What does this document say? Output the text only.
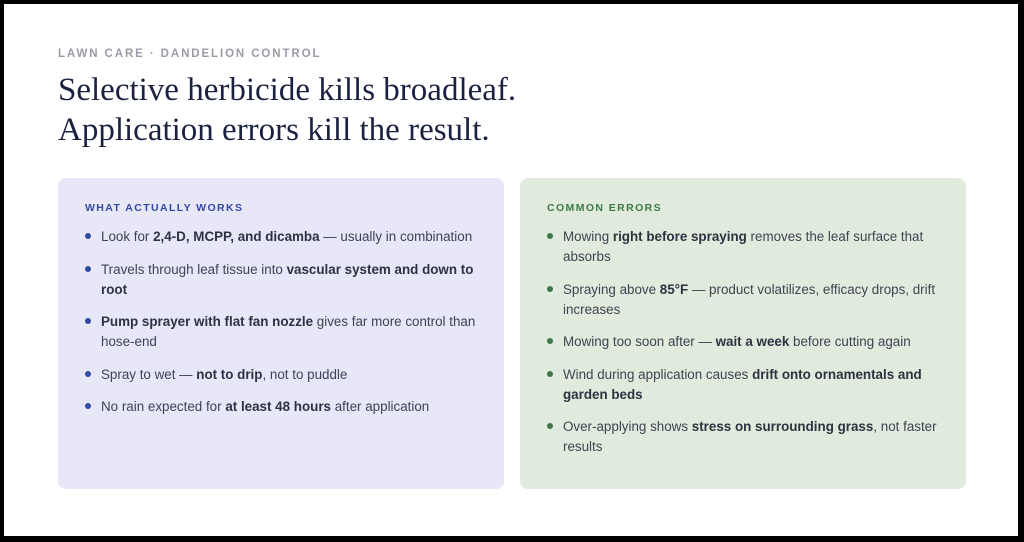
LAWN CARE · DANDELION CONTROL
Selective herbicide kills broadleaf.
Application errors kill the result.
WHAT ACTUALLY WORKS
Look for 2,4-D, MCPP, and dicamba — usually in combination
Travels through leaf tissue into vascular system and down to root
Pump sprayer with flat fan nozzle gives far more control than hose-end
Spray to wet — not to drip, not to puddle
No rain expected for at least 48 hours after application
COMMON ERRORS
Mowing right before spraying removes the leaf surface that absorbs
Spraying above 85°F — product volatilizes, efficacy drops, drift increases
Mowing too soon after — wait a week before cutting again
Wind during application causes drift onto ornamentals and garden beds
Over-applying shows stress on surrounding grass, not faster results
